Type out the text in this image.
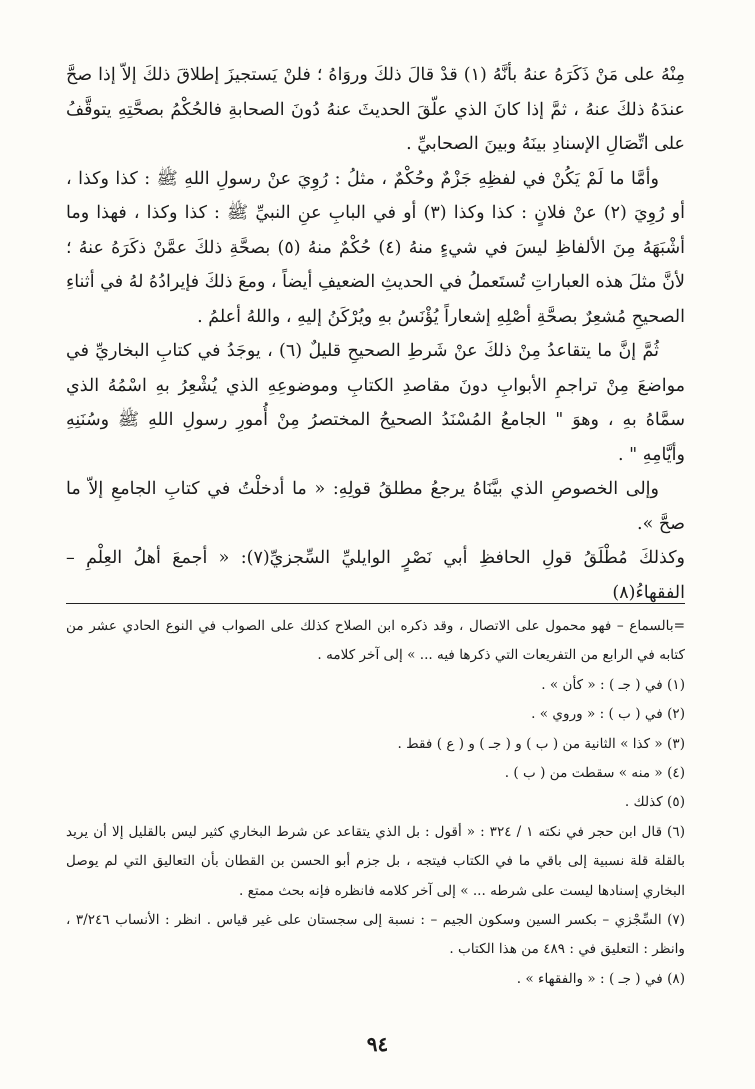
مِنْهُ على مَنْ ذَكَرَهُ عنهُ بأنَّهُ (١) قدْ قالَ ذلكَ وروَاهُ ؛ فلنْ يَستجيزَ إطلاقَ ذلكَ إلاّ إذا صحَّ عندَهُ ذلكَ عنهُ ، ثمَّ إذا كانَ الذي علّقَ الحديثَ عنهُ دُونَ الصحابةِ فالحُكْمُ بصحَّتِهِ يتوقَّفُ على اتِّصَالِ الإسنادِ بينَهُ وبينَ الصحابيِّ .

وأمَّا ما لَمْ يَكُنْ في لفظِهِ جَزْمٌ وحُكْمٌ ، مثلُ : رُوِيَ عنْ رسولِ اللهِ ﷺ : كذا وكذا ، أو رُوِيَ (٢) عنْ فلانٍ : كذا وكذا (٣) أو في البابِ عنِ النبيِّ ﷺ : كذا وكذا ، فهذا وما أشْبَهَهُ مِنَ الألفاظِ ليسَ في شيءٍ منهُ (٤) حُكْمٌ منهُ (٥) بصحَّةِ ذلكَ عمَّنْ ذكَرَهُ عنهُ ؛ لأنَّ مثلَ هذه العباراتِ تُستَعملُ في الحديثِ الضعيفِ أيضاً ، ومعَ ذلكَ فإيرادُهُ لهُ في أثناءِ الصحيحِ مُشعِرٌ بصحَّةِ أصْلِهِ إشعاراً يُؤْنَسُ بهِ ويُرْكَنُ إليهِ ، واللهُ أعلمُ .

ثُمَّ إنَّ ما يتقاعدُ مِنْ ذلكَ عنْ شَرطِ الصحيحِ قليلٌ (٦) ، يوجَدُ في كتابِ البخاريِّ في مواضعَ مِنْ تراجمِ الأبوابِ دونَ مقاصدِ الكتابِ وموضوعِهِ الذي يُشْعِرُ بهِ اسْمُهُ الذي سمَّاهُ بهِ ، وهوَ " الجامعُ المُسْنَدُ الصحيحُ المختصرُ مِنْ أُمورِ رسولِ اللهِ ﷺ وسُنَنِهِ وأيَّامِهِ " .

وإلى الخصوصِ الذي بيَّنَاهُ يرجعُ مطلقُ قولِهِ: « ما أدخلْتُ في كتابِ الجامعِ إلاّ ما صحَّ ».

وكذلكَ مُطْلَقُ قولِ الحافظِ أبي نَصْرٍ الوايليِّ السِّجزيِّ(٧): « أجمعَ أهلُ العِلْمِ – الفقهاءُ(٨)

=بالسماع – فهو محمول على الاتصال ، وقد ذكره ابن الصلاح كذلك على الصواب في النوع الحادي عشر من كتابه في الرابع من التفريعات التي ذكرها فيه ... » إلى آخر كلامه .

(١) في ( جـ ) : « كأن » .

(٢) في ( ب ) : « وروي » .

(٣) « كذا » الثانية من ( ب ) و ( جـ ) و ( ع ) فقط .

(٤) « منه » سقطت من ( ب ) .

(٥) كذلك .

(٦) قال ابن حجر في نكته ١ / ٣٢٤ : « أقول : بل الذي يتقاعد عن شرط البخاري كثير ليس بالقليل إلا أن يريد بالقلة قلة نسبية إلى باقي ما في الكتاب فيتجه ، بل جزم أبو الحسن بن القطان بأن التعاليق التي لم يوصل البخاري إسنادها ليست على شرطه ... » إلى آخر كلامه فانظره فإنه بحث ممتع .

(٧) السِّجْزي – بكسر السين وسكون الجيم – : نسبة إلى سجستان على غير قياس . انظر : الأنساب ٣/٢٤٦ ، وانظر : التعليق في : ٤٨٩ من هذا الكتاب .

(٨) في ( جـ ) : « والفقهاء » .

٩٤
